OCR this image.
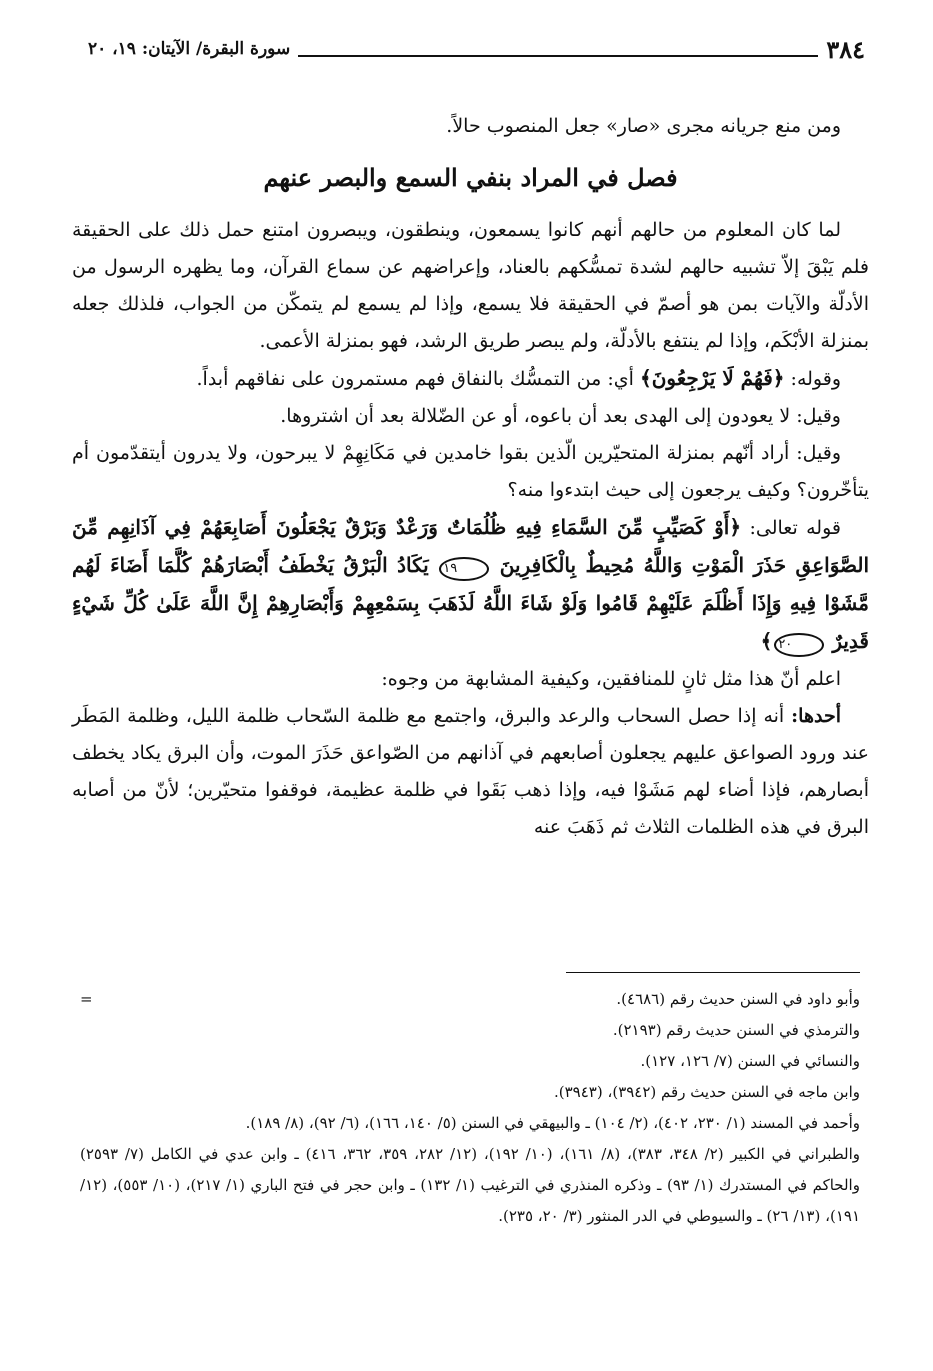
٣٨٤
سورة البقرة/ الآيتان: ١٩، ٢٠

ومن منع جريانه مجرى «صار» جعل المنصوب حالاً.

فصل في المراد بنفي السمع والبصر عنهم

لما كان المعلوم من حالهم أنهم كانوا يسمعون، وينطقون، ويبصرون امتنع حمل ذلك على الحقيقة فلم يَبْقَ إلاّ تشبيه حالهم لشدة تمسُّكهم بالعناد، وإعراضهم عن سماع القرآن، وما يظهره الرسول من الأدلّة والآيات بمن هو أصمّ في الحقيقة فلا يسمع، وإذا لم يسمع لم يتمكّن من الجواب، فلذلك جعله بمنزلة الأبْكَم، وإذا لم ينتفع بالأدلّة، ولم يبصر طريق الرشد، فهو بمنزلة الأعمى.

وقوله: ﴿فَهُمْ لَا يَرْجِعُونَ﴾ أي: من التمسُّك بالنفاق فهم مستمرون على نفاقهم أبداً.

وقيل: لا يعودون إلى الهدى بعد أن باعوه، أو عن الضّلالة بعد أن اشتروها.

وقيل: أراد أنّهم بمنزلة المتحيّرين الّذين بقوا خامدين في مَكَانِهِمْ لا يبرحون، ولا يدرون أيتقدّمون أم يتأخّرون؟ وكيف يرجعون إلى حيث ابتدءوا منه؟

قوله تعالى: ﴿أَوْ كَصَيِّبٍ مِّنَ السَّمَاءِ فِيهِ ظُلُمَاتٌ وَرَعْدٌ وَبَرْقٌ يَجْعَلُونَ أَصَابِعَهُمْ فِي آذَانِهِم مِّنَ الصَّوَاعِقِ حَذَرَ الْمَوْتِ وَاللَّهُ مُحِيطٌ بِالْكَافِرِينَ ١٩ يَكَادُ الْبَرْقُ يَخْطَفُ أَبْصَارَهُمْ كُلَّمَا أَضَاءَ لَهُم مَّشَوْا فِيهِ وَإِذَا أَظْلَمَ عَلَيْهِمْ قَامُوا وَلَوْ شَاءَ اللَّهُ لَذَهَبَ بِسَمْعِهِمْ وَأَبْصَارِهِمْ إِنَّ اللَّهَ عَلَىٰ كُلِّ شَيْءٍ قَدِيرٌ ٢٠﴾

اعلم أنّ هذا مثل ثانٍ للمنافقين، وكيفية المشابهة من وجوه:

أحدها: أنه إذا حصل السحاب والرعد والبرق، واجتمع مع ظلمة السّحاب ظلمة الليل، وظلمة المَطَر عند ورود الصواعق عليهم يجعلون أصابعهم في آذانهم من الصّواعق حَذَرَ الموت، وأن البرق يكاد يخطف أبصارهم، فإذا أضاء لهم مَشَوْا فيه، وإذا ذهب بَقَوا في ظلمة عظيمة، فوقفوا متحيّرين؛ لأنّ من أصابه البرق في هذه الظلمات الثلاث ثم ذَهَبَ عنه

وأبو داود في السنن حديث رقم (٤٦٨٦).
=

والترمذي في السنن حديث رقم (٢١٩٣).

والنسائي في السنن (٧/ ١٢٦، ١٢٧).

وابن ماجه في السنن حديث رقم (٣٩٤٢)، (٣٩٤٣).

وأحمد في المسند (١/ ٢٣٠، ٤٠٢)، (٢/ ١٠٤) ـ والبيهقي في السنن (٥/ ١٤٠، ١٦٦)، (٦/ ٩٢)، (٨/ ١٨٩).

والطبراني في الكبير (٢/ ٣٤٨، ٣٨٣)، (٨/ ١٦١)، (١٠/ ١٩٢)، (١٢/ ٢٨٢، ٣٥٩، ٣٦٢، ٤١٦) ـ وابن عدي في الكامل (٧/ ٢٥٩٣) والحاكم في المستدرك (١/ ٩٣) ـ وذكره المنذري في الترغيب (١/ ١٣٢) ـ وابن حجر في فتح الباري (١/ ٢١٧)، (١٠/ ٥٥٣)، (١٢/ ١٩١)، (١٣/ ٢٦) ـ والسيوطي في الدر المنثور (٣/ ٢٠، ٢٣٥).
